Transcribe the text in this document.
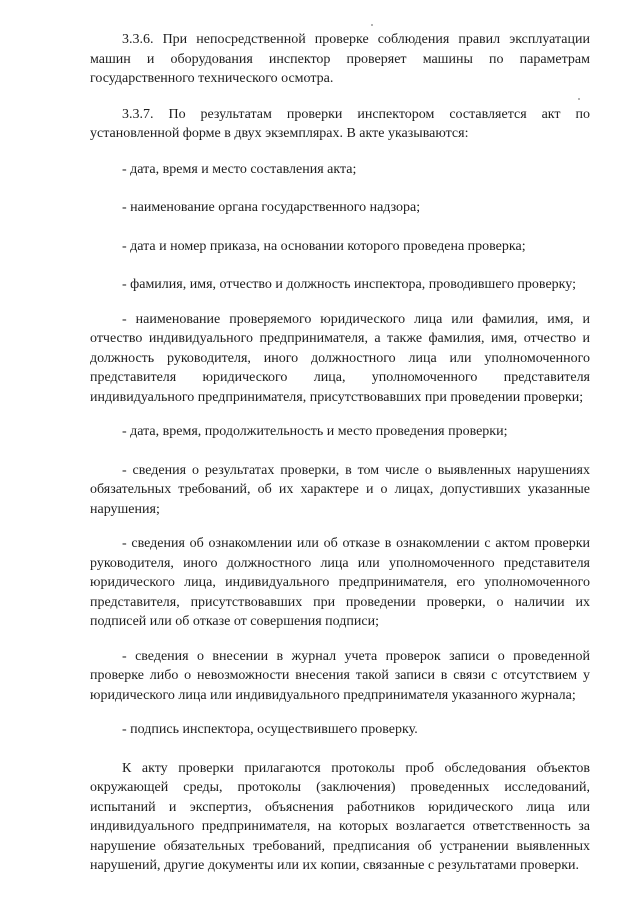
3.3.6. При непосредственной проверке соблюдения правил эксплуатации машин и оборудования инспектор проверяет машины по параметрам государственного технического осмотра.

3.3.7. По результатам проверки инспектором составляется акт по установленной форме в двух экземплярах. В акте указываются:

- дата, время и место составления акта;

- наименование органа государственного надзора;

- дата и номер приказа, на основании которого проведена проверка;

- фамилия, имя, отчество и должность инспектора, проводившего проверку;

- наименование проверяемого юридического лица или фамилия, имя, и отчество индивидуального предпринимателя, а также фамилия, имя, отчество и должность руководителя, иного должностного лица или уполномоченного представителя юридического лица, уполномоченного представителя индивидуального предпринимателя, присутствовавших при проведении проверки;

- дата, время, продолжительность и место проведения проверки;

- сведения о результатах проверки, в том числе о выявленных нарушениях обязательных требований, об их характере и о лицах, допустивших указанные нарушения;

- сведения об ознакомлении или об отказе в ознакомлении с актом проверки руководителя, иного должностного лица или уполномоченного представителя юридического лица, индивидуального предпринимателя, его уполномоченного представителя, присутствовавших при проведении проверки, о наличии их подписей или об отказе от совершения подписи;

- сведения о внесении в журнал учета проверок записи о проведенной проверке либо о невозможности внесения такой записи в связи с отсутствием у юридического лица или индивидуального предпринимателя указанного журнала;

- подпись инспектора, осуществившего проверку.

К акту проверки прилагаются протоколы проб обследования объектов окружающей среды, протоколы (заключения) проведенных исследований, испытаний и экспертиз, объяснения работников юридического лица или индивидуального предпринимателя, на которых возлагается ответственность за нарушение обязательных требований, предписания об устранении выявленных нарушений, другие документы или их копии, связанные с результатами проверки.
